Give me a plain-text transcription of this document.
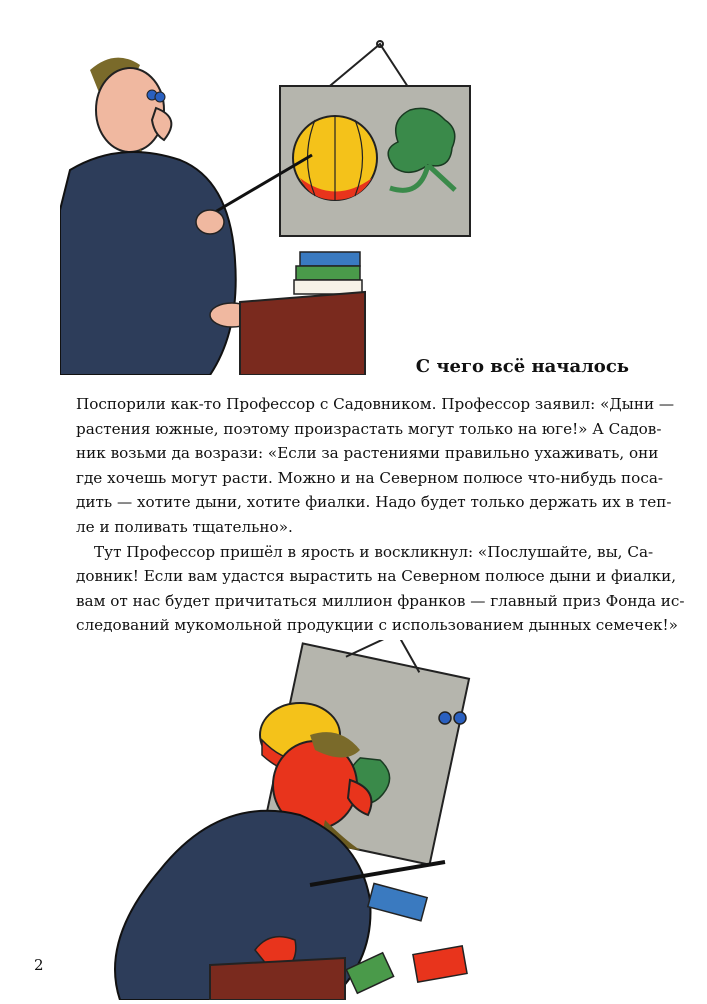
С чего всё началось
Поспорили как-то Профессор с Садовником. Профессор заявил: «Дыни —
растения южные, поэтому произрастать могут только на юге!» А Садов-
ник возьми да возрази: «Если за растениями правильно ухаживать, они
где хочешь могут расти. Можно и на Северном полюсе что-нибудь поса-
дить — хотите дыни, хотите фиалки. Надо будет только держать их в теп-
ле и поливать тщательно».
Тут Профессор пришёл в ярость и воскликнул: «Послушайте, вы, Са-
довник! Если вам удастся вырастить на Северном полюсе дыни и фиалки,
вам от нас будет причитаться миллион франков — главный приз Фонда ис-
следований мукомольной продукции с использованием дынных семечек!»
2
